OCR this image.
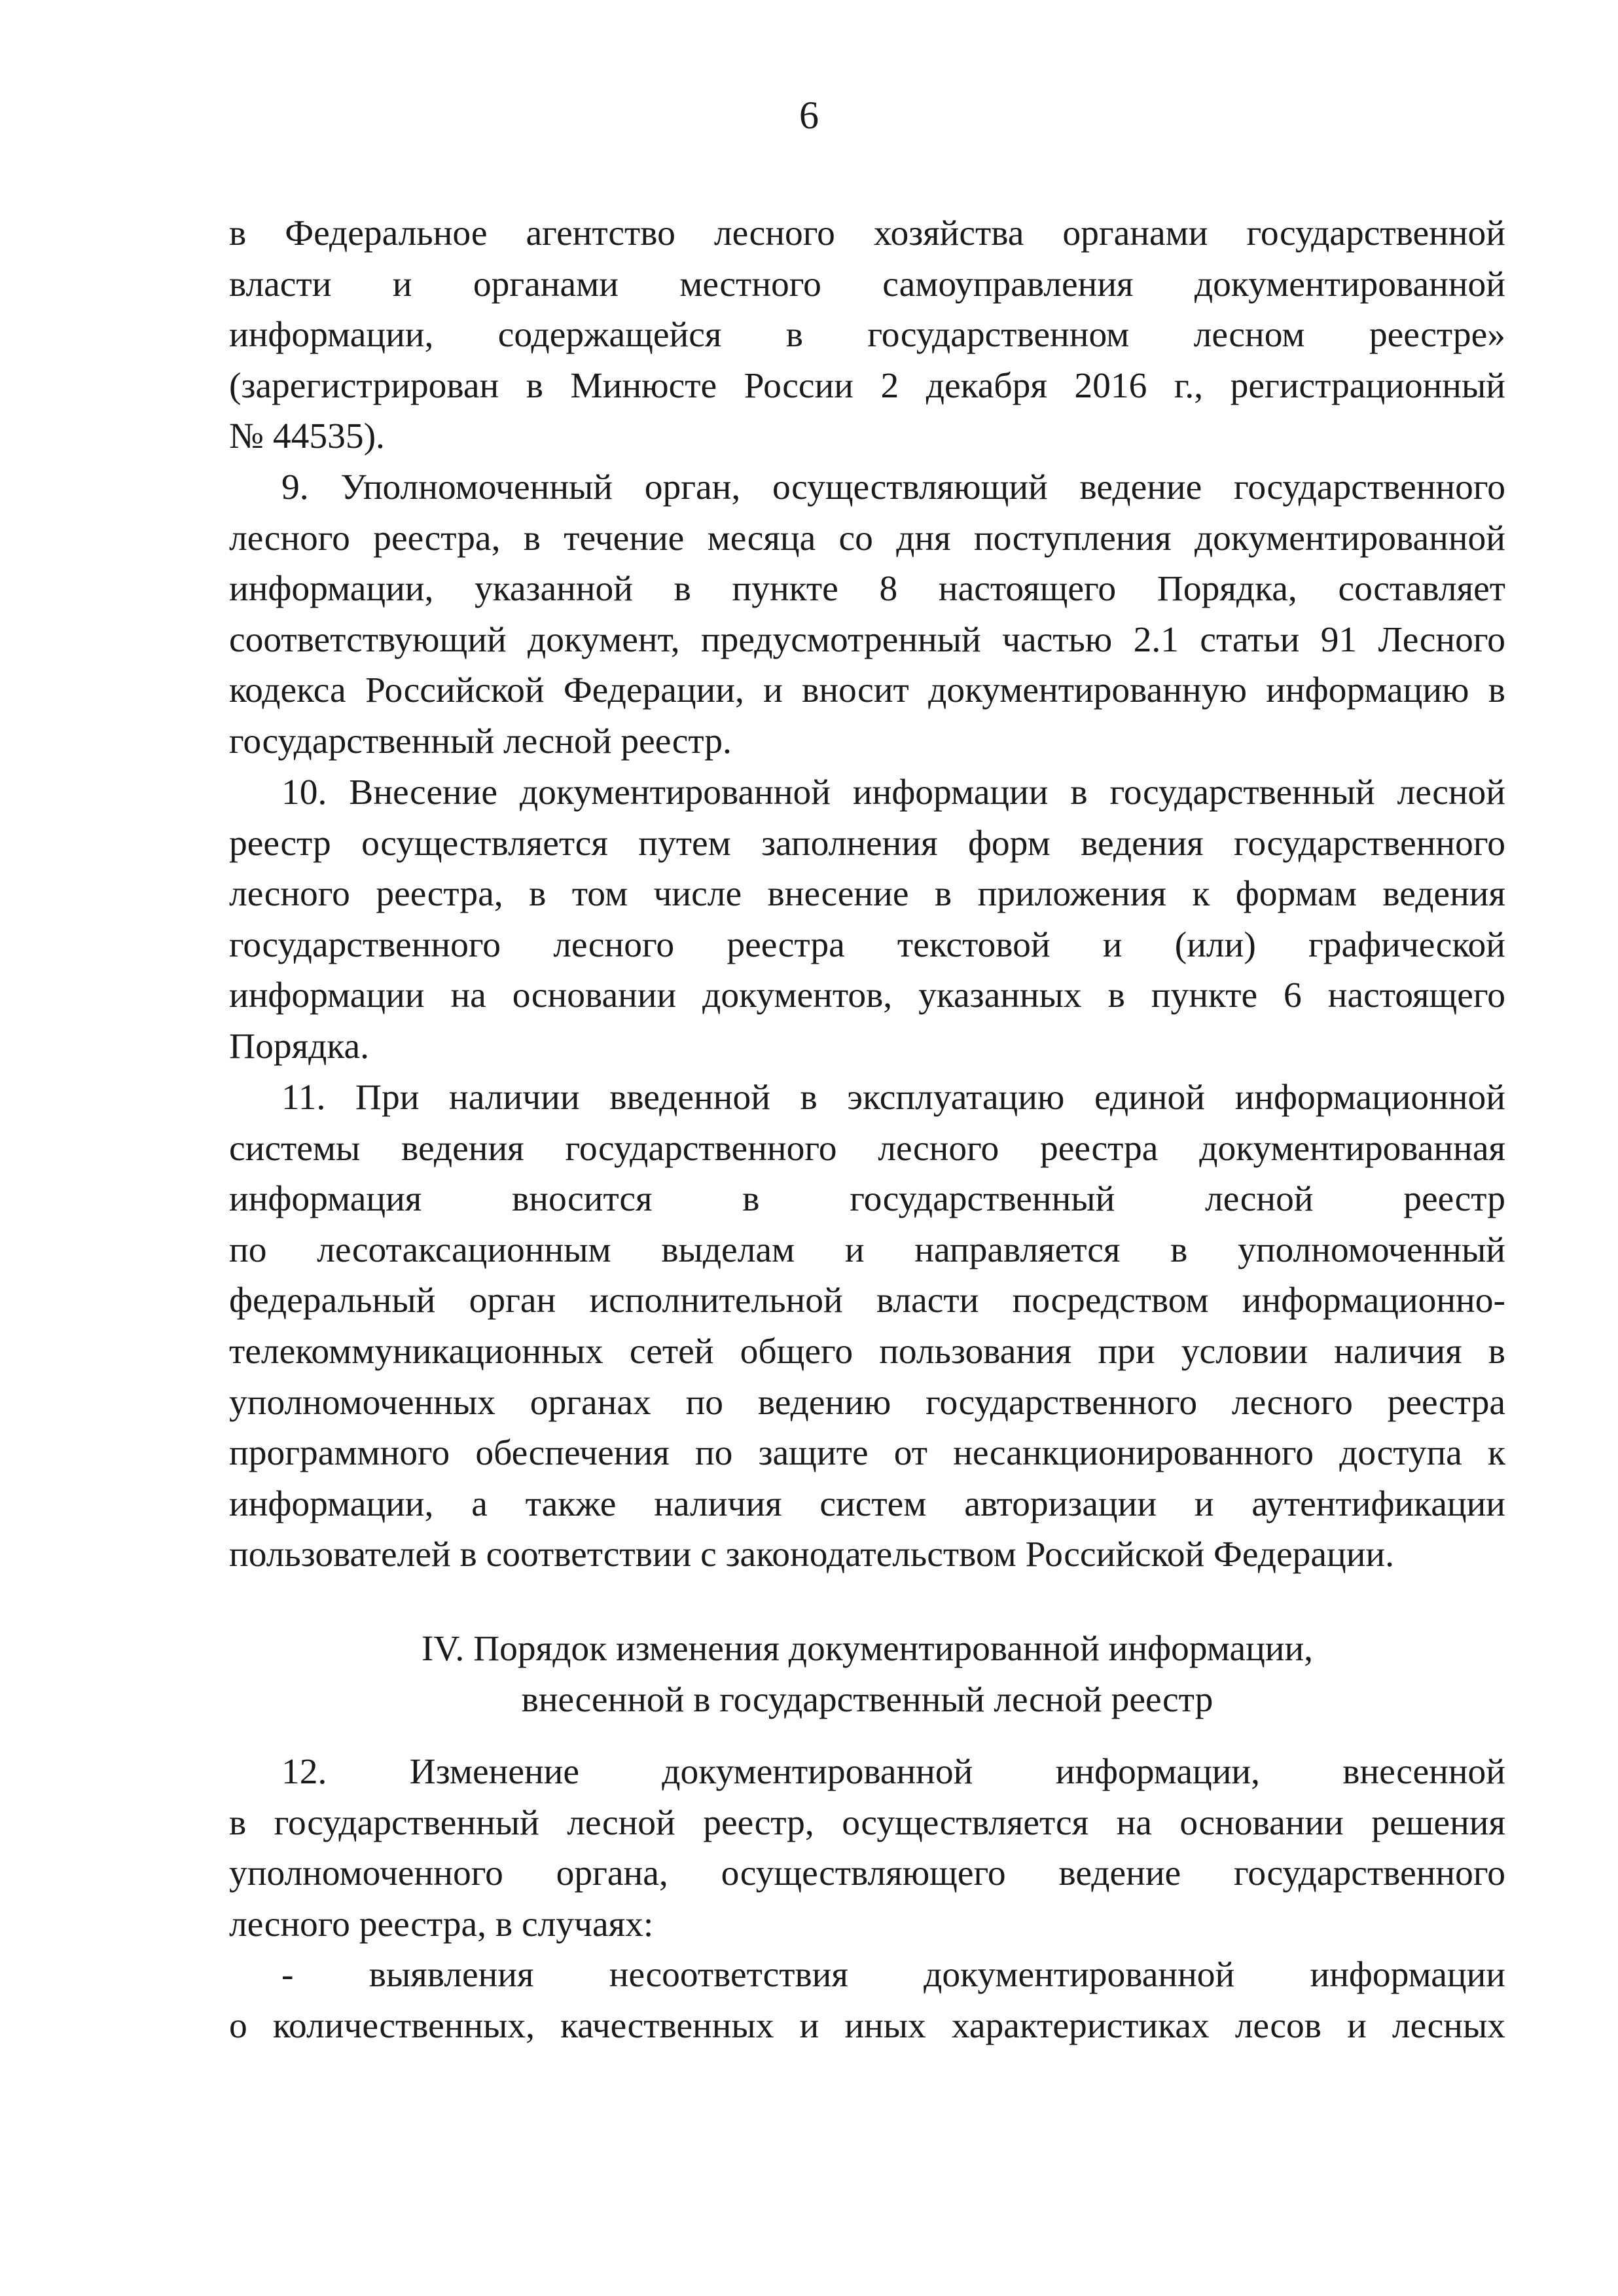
6
в Федеральное агентство лесного хозяйства органами государственной
власти и органами местного самоуправления документированной
информации, содержащейся в государственном лесном реестре»
(зарегистрирован в Минюсте России 2 декабря 2016 г., регистрационный
№ 44535).
9. Уполномоченный орган, осуществляющий ведение государственного
лесного реестра, в течение месяца со дня поступления документированной
информации, указанной в пункте 8 настоящего Порядка, составляет
соответствующий документ, предусмотренный частью 2.1 статьи 91 Лесного
кодекса Российской Федерации, и вносит документированную информацию в
государственный лесной реестр.
10. Внесение документированной информации в государственный лесной
реестр осуществляется путем заполнения форм ведения государственного
лесного реестра, в том числе внесение в приложения к формам ведения
государственного лесного реестра текстовой и (или) графической
информации на основании документов, указанных в пункте 6 настоящего
Порядка.
11. При наличии введенной в эксплуатацию единой информационной
системы ведения государственного лесного реестра документированная
информация вносится в государственный лесной реестр
по лесотаксационным выделам и направляется в уполномоченный
федеральный орган исполнительной власти посредством информационно-
телекоммуникационных сетей общего пользования при условии наличия в
уполномоченных органах по ведению государственного лесного реестра
программного обеспечения по защите от несанкционированного доступа к
информации, а также наличия систем авторизации и аутентификации
пользователей в соответствии с законодательством Российской Федерации.
IV. Порядок изменения документированной информации,
внесенной в государственный лесной реестр
12. Изменение документированной информации, внесенной
в государственный лесной реестр, осуществляется на основании решения
уполномоченного органа, осуществляющего ведение государственного
лесного реестра, в случаях:
- выявления несоответствия документированной информации
о количественных, качественных и иных характеристиках лесов и лесных
